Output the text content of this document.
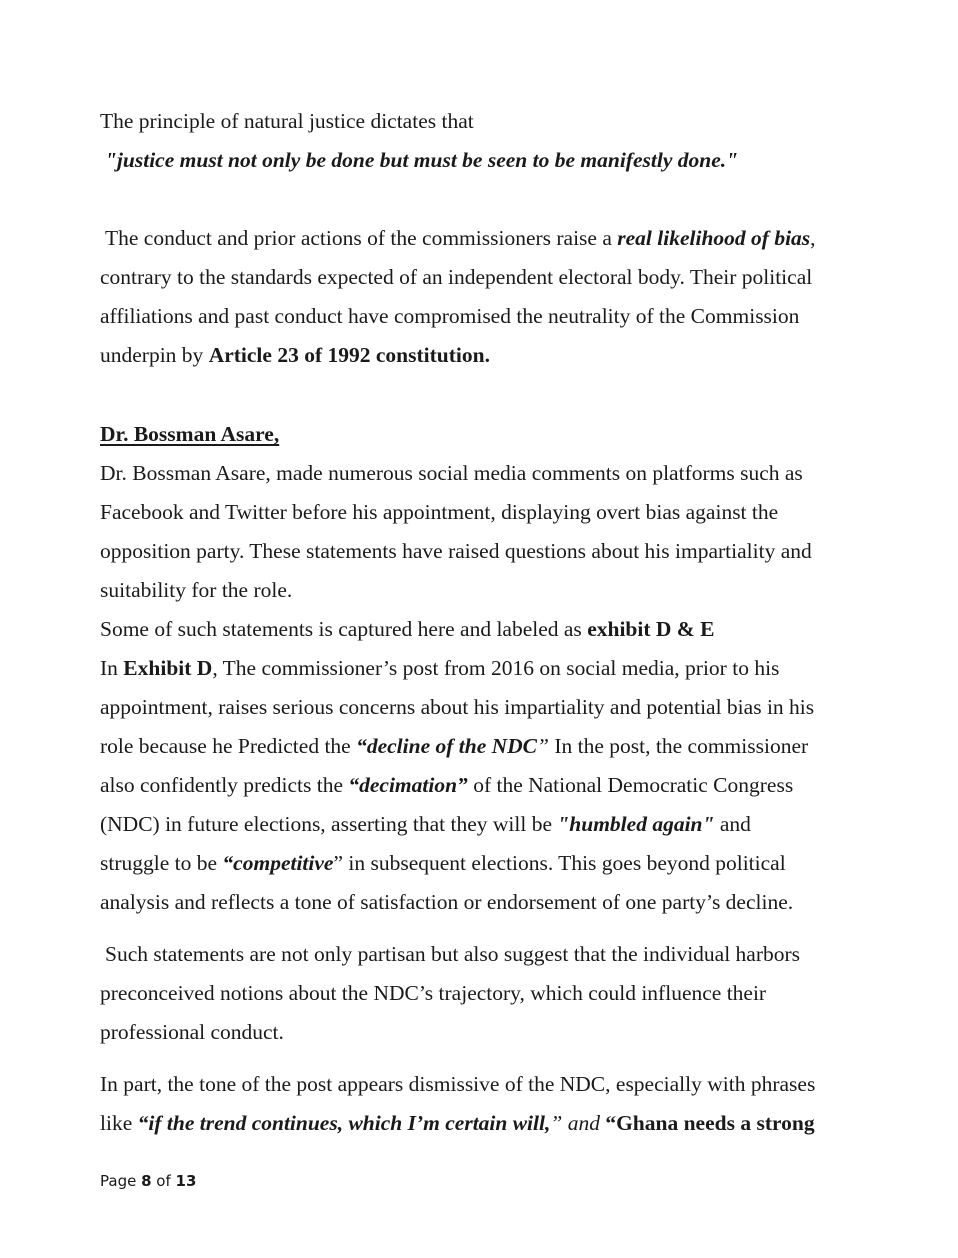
The principle of natural justice dictates that
"justice must not only be done but must be seen to be manifestly done."
The conduct and prior actions of the commissioners raise a real likelihood of bias,
contrary to the standards expected of an independent electoral body. Their political
affiliations and past conduct have compromised the neutrality of the Commission
underpin by Article 23 of 1992 constitution.
Dr. Bossman Asare,
Dr. Bossman Asare, made numerous social media comments on platforms such as
Facebook and Twitter before his appointment, displaying overt bias against the
opposition party. These statements have raised questions about his impartiality and
suitability for the role.
Some of such statements is captured here and labeled as exhibit D & E
In Exhibit D, The commissioner’s post from 2016 on social media, prior to his
appointment, raises serious concerns about his impartiality and potential bias in his
role because he Predicted the “decline of the NDC” In the post, the commissioner
also confidently predicts the “decimation” of the National Democratic Congress
(NDC) in future elections, asserting that they will be "humbled again" and
struggle to be “competitive” in subsequent elections. This goes beyond political
analysis and reflects a tone of satisfaction or endorsement of one party’s decline.
Such statements are not only partisan but also suggest that the individual harbors
preconceived notions about the NDC’s trajectory, which could influence their
professional conduct.
In part, the tone of the post appears dismissive of the NDC, especially with phrases
like “if the trend continues, which I’m certain will,” and “Ghana needs a strong
Page 8 of 13
